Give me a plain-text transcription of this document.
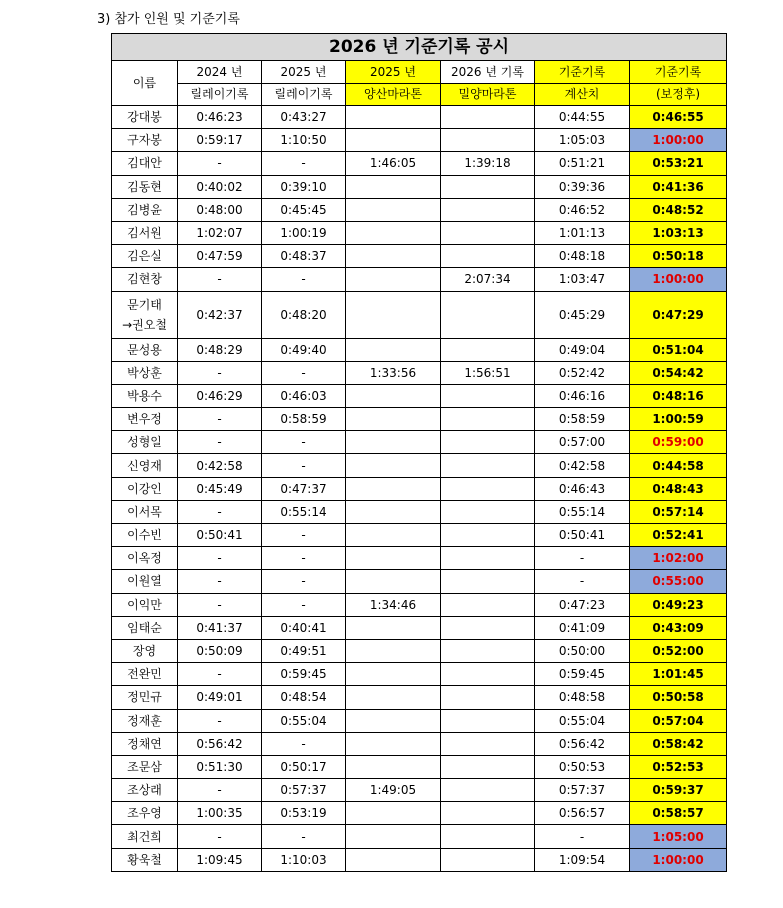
3) 참가 인원 및 기준기록
2026 년 기준기록 공시						
이름	2024 년	2025 년	2025 년	2026 년 기록	기준기록	기준기록
	릴레이기록	릴레이기록	양산마라톤	밀양마라톤	계산치	(보정후)
강대봉	0:46:23	0:43:27			0:44:55	0:46:55
구자봉	0:59:17	1:10:50			1:05:03	1:00:00
김대안	-	-	1:46:05	1:39:18	0:51:21	0:53:21
김동현	0:40:02	0:39:10			0:39:36	0:41:36
김병윤	0:48:00	0:45:45			0:46:52	0:48:52
김서원	1:02:07	1:00:19			1:01:13	1:03:13
김은실	0:47:59	0:48:37			0:48:18	0:50:18
김현창	-	-		2:07:34	1:03:47	1:00:00

문기태
→권오철	0:42:37	0:48:20			0:45:29	0:47:29
문성용	0:48:29	0:49:40			0:49:04	0:51:04
박상훈	-	-	1:33:56	1:56:51	0:52:42	0:54:42
박용수	0:46:29	0:46:03			0:46:16	0:48:16
변우정	-	0:58:59			0:58:59	1:00:59
성형일	-	-			0:57:00	0:59:00
신영재	0:42:58	-			0:42:58	0:44:58
이강인	0:45:49	0:47:37			0:46:43	0:48:43
이서목	-	0:55:14			0:55:14	0:57:14
이수빈	0:50:41	-			0:50:41	0:52:41
이옥정	-	-			-	1:02:00
이원열	-	-			-	0:55:00
이익만	-	-	1:34:46		0:47:23	0:49:23
임태순	0:41:37	0:40:41			0:41:09	0:43:09
장영	0:50:09	0:49:51			0:50:00	0:52:00
전완민	-	0:59:45			0:59:45	1:01:45
정민규	0:49:01	0:48:54			0:48:58	0:50:58
정재훈	-	0:55:04			0:55:04	0:57:04
정채연	0:56:42	-			0:56:42	0:58:42
조문삼	0:51:30	0:50:17			0:50:53	0:52:53
조상래	-	0:57:37	1:49:05		0:57:37	0:59:37
조우영	1:00:35	0:53:19			0:56:57	0:58:57
최건희	-	-			-	1:05:00
황욱철	1:09:45	1:10:03			1:09:54	1:00:00
